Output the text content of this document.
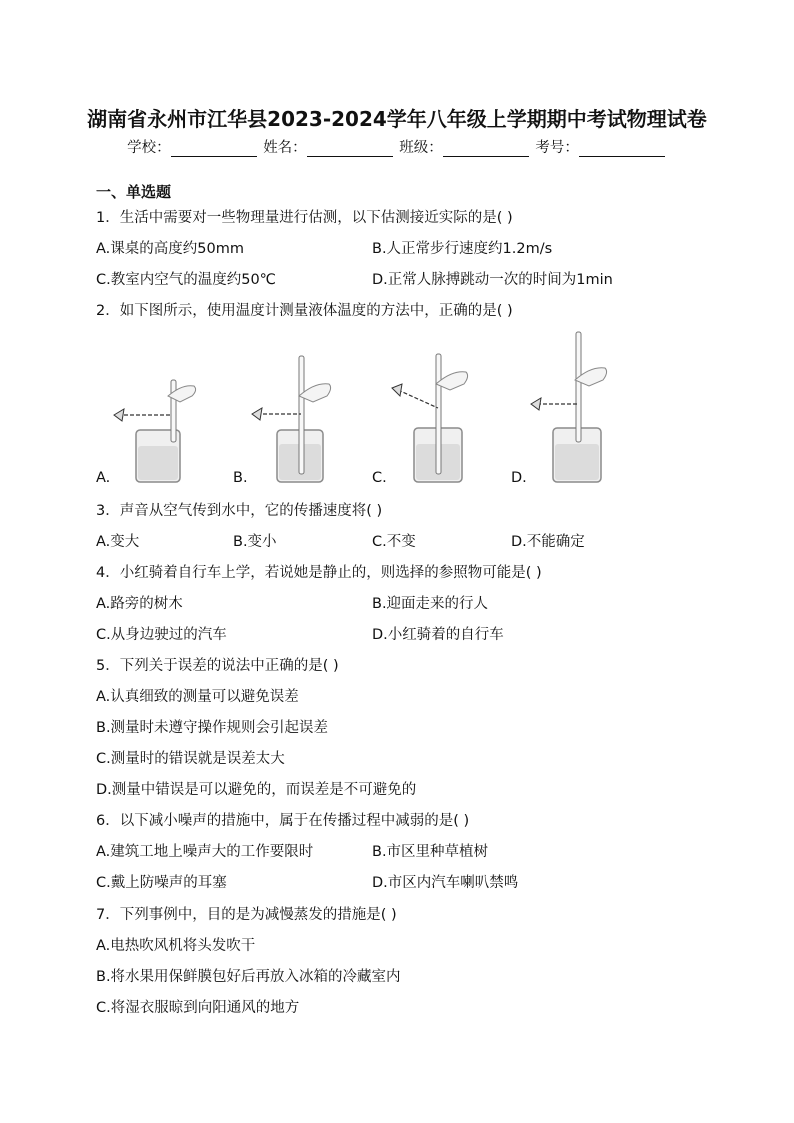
湖南省永州市江华县2023-2024学年八年级上学期期中考试物理试卷
学校：	姓名：	班级：	考号：
一、单选题
1．生活中需要对一些物理量进行估测，以下估测接近实际的是( )
A.课桌的高度约50mm	B.人正常步行速度约1.2m/s
C.教室内空气的温度约50℃	D.正常人脉搏跳动一次的时间为1min
2．如下图所示，使用温度计测量液体温度的方法中，正确的是( )
A.	B.	C.	D.
3．声音从空气传到水中，它的传播速度将( )
A.变大	B.变小	C.不变	D.不能确定
4．小红骑着自行车上学，若说她是静止的，则选择的参照物可能是( )
A.路旁的树木	B.迎面走来的行人
C.从身边驶过的汽车	D.小红骑着的自行车
5．下列关于误差的说法中正确的是( )
A.认真细致的测量可以避免误差
B.测量时未遵守操作规则会引起误差
C.测量时的错误就是误差太大
D.测量中错误是可以避免的，而误差是不可避免的
6．以下减小噪声的措施中，属于在传播过程中减弱的是( )
A.建筑工地上噪声大的工作要限时	B.市区里种草植树
C.戴上防噪声的耳塞	D.市区内汽车喇叭禁鸣
7．下列事例中，目的是为减慢蒸发的措施是( )
A.电热吹风机将头发吹干
B.将水果用保鲜膜包好后再放入冰箱的冷藏室内
C.将湿衣服晾到向阳通风的地方
